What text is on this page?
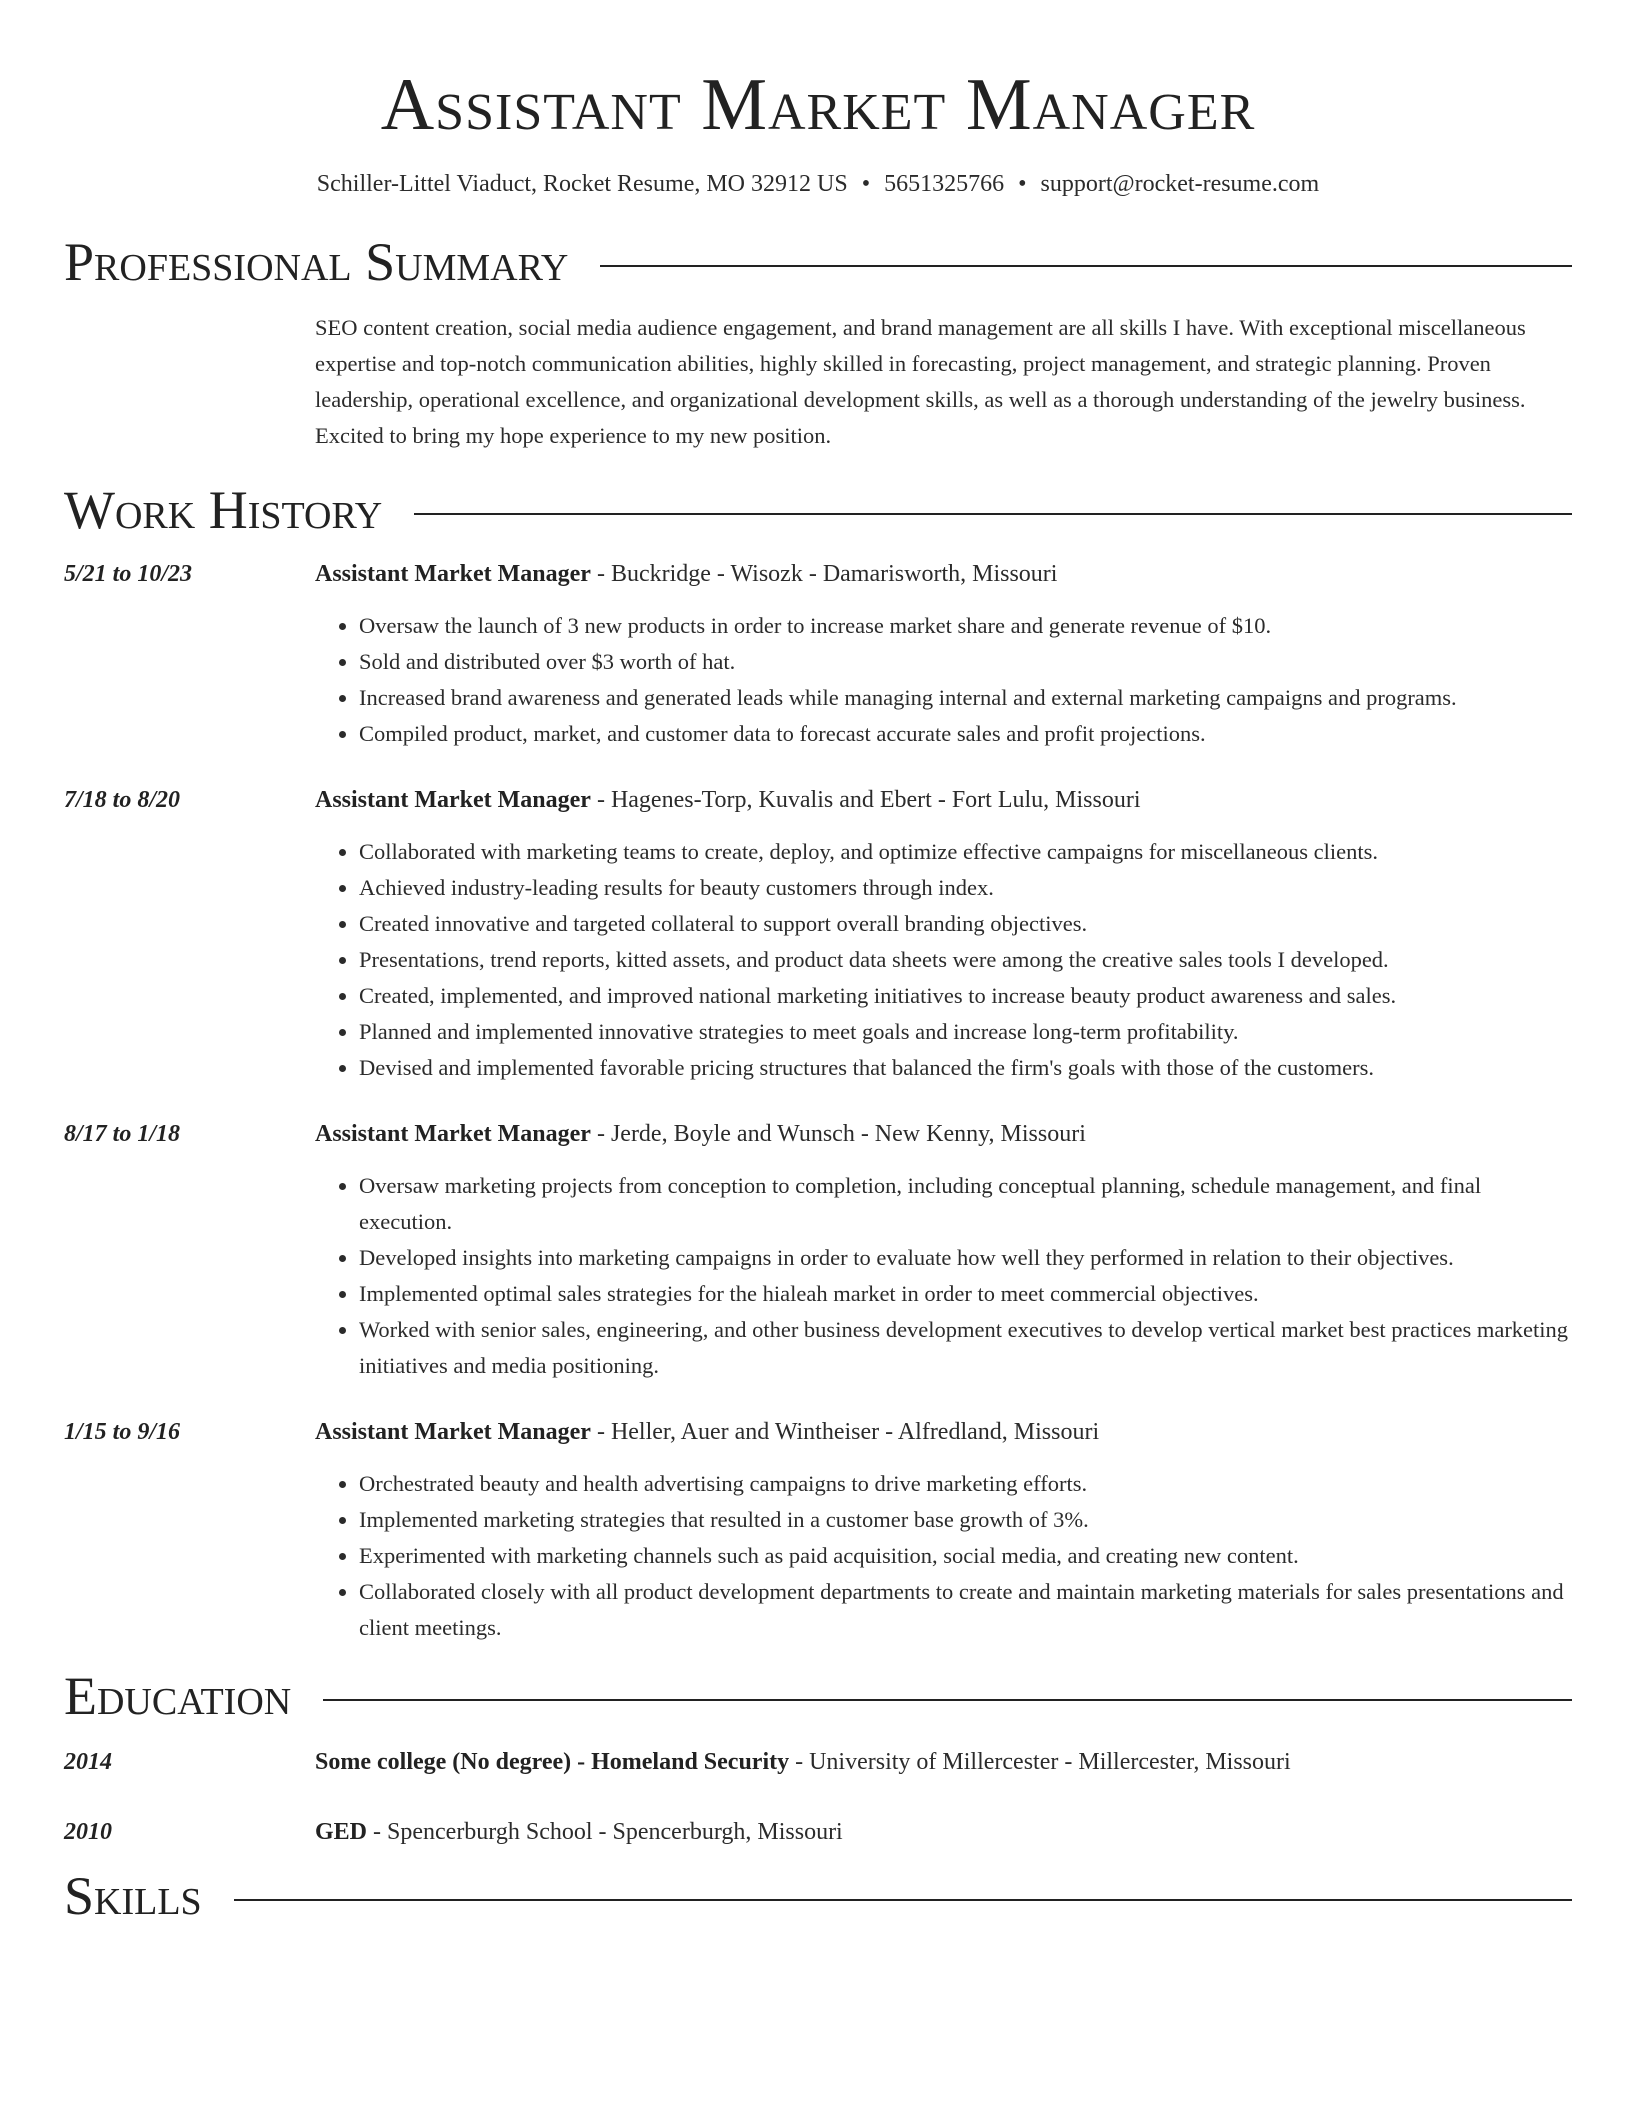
Assistant Market Manager
Schiller-Littel Viaduct, Rocket Resume, MO 32912 US • 5651325766 • support@rocket-resume.com
Professional Summary
SEO content creation, social media audience engagement, and brand management are all skills I have. With exceptional miscellaneous expertise and top-notch communication abilities, highly skilled in forecasting, project management, and strategic planning. Proven leadership, operational excellence, and organizational development skills, as well as a thorough understanding of the jewelry business. Excited to bring my hope experience to my new position.
Work History
5/21 to 10/23	Assistant Market Manager - Buckridge - Wisozk - Damarisworth, Missouri
• Oversaw the launch of 3 new products in order to increase market share and generate revenue of $10.
• Sold and distributed over $3 worth of hat.
• Increased brand awareness and generated leads while managing internal and external marketing campaigns and programs.
• Compiled product, market, and customer data to forecast accurate sales and profit projections.
7/18 to 8/20	Assistant Market Manager - Hagenes-Torp, Kuvalis and Ebert - Fort Lulu, Missouri
• Collaborated with marketing teams to create, deploy, and optimize effective campaigns for miscellaneous clients.
• Achieved industry-leading results for beauty customers through index.
• Created innovative and targeted collateral to support overall branding objectives.
• Presentations, trend reports, kitted assets, and product data sheets were among the creative sales tools I developed.
• Created, implemented, and improved national marketing initiatives to increase beauty product awareness and sales.
• Planned and implemented innovative strategies to meet goals and increase long-term profitability.
• Devised and implemented favorable pricing structures that balanced the firm's goals with those of the customers.
8/17 to 1/18	Assistant Market Manager - Jerde, Boyle and Wunsch - New Kenny, Missouri
• Oversaw marketing projects from conception to completion, including conceptual planning, schedule management, and final execution.
• Developed insights into marketing campaigns in order to evaluate how well they performed in relation to their objectives.
• Implemented optimal sales strategies for the hialeah market in order to meet commercial objectives.
• Worked with senior sales, engineering, and other business development executives to develop vertical market best practices marketing initiatives and media positioning.
1/15 to 9/16	Assistant Market Manager - Heller, Auer and Wintheiser - Alfredland, Missouri
• Orchestrated beauty and health advertising campaigns to drive marketing efforts.
• Implemented marketing strategies that resulted in a customer base growth of 3%.
• Experimented with marketing channels such as paid acquisition, social media, and creating new content.
• Collaborated closely with all product development departments to create and maintain marketing materials for sales presentations and client meetings.
Education
2014	Some college (No degree) - Homeland Security - University of Millercester - Millercester, Missouri
2010	GED - Spencerburgh School - Spencerburgh, Missouri
Skills
